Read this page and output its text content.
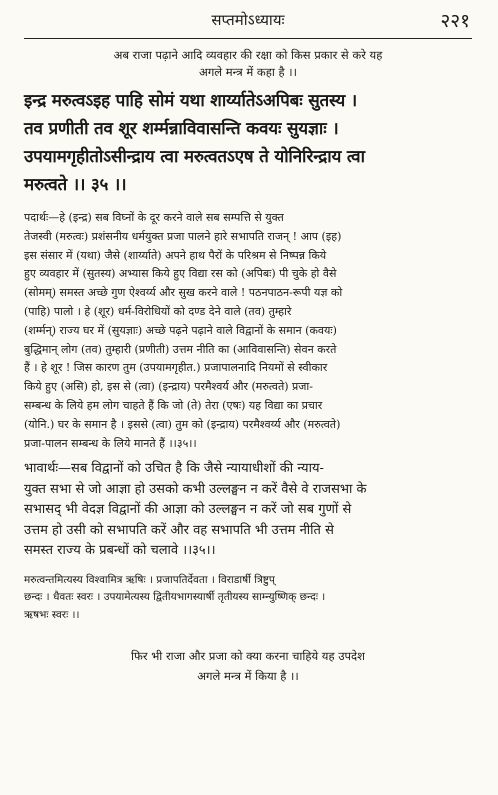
सप्तमोऽध्यायः	२२१
अब राजा पढ़ाने आदि व्यवहार की रक्षा को किस प्रकार से करे यह
अगले मन्त्र में कहा है ।।
इन्द्र मरुत्वऽइह पाहि सोमं यथा शार्य्यातेऽअपिबः सुतस्य ।
तव प्रणीती तव शूर शर्म्मन्नाविवासन्ति कवयः सुयज्ञाः ।
उपयामगृहीतोऽसीन्द्राय त्वा मरुत्वतऽएष ते योनिरिन्द्राय त्वा
मरुत्वते ।। ३५ ।।
पदार्थः—हे (इन्द्र) सब विघ्नों के दूर करने वाले सब सम्पत्ति से युक्त
तेजस्वी (मरुत्वः) प्रशंसनीय धर्मयुक्त प्रजा पालने हारे सभापति राजन् ! आप (इह)
इस संसार में (यथा) जैसे (शार्य्याते) अपने हाथ पैरों के परिश्रम से निष्पन्न किये
हुए व्यवहार में (सुतस्य) अभ्यास किये हुए विद्या रस को (अपिबः) पी चुके हो वैसे
(सोमम्) समस्त अच्छे गुण ऐश्वर्य्य और सुख करने वाले ! पठनपाठन-रूपी यज्ञ को
(पाहि) पालो । हे (शूर) धर्म-विरोधियों को दण्ड देने वाले (तव) तुम्हारे
(शर्म्मन्) राज्य घर में (सुयज्ञाः) अच्छे पढ़ने पढ़ाने वाले विद्वानों के समान (कवयः)
बुद्धिमान् लोग (तव) तुम्हारी (प्रणीती) उत्तम नीति का (आविवासन्ति) सेवन करते
हैं । हे शूर ! जिस कारण तुम (उपयामगृहीत.) प्रजापालनादि नियमों से स्वीकार
किये हुए (असि) हो, इस से (त्वा) (इन्द्राय) परमैश्वर्य और (मरुत्वते) प्रजा-
सम्बन्ध के लिये हम लोग चाहते हैं कि जो (ते) तेरा (एषः) यह विद्या का प्रचार
(योनि.) घर के समान है । इससे (त्वा) तुम को (इन्द्राय) परमैश्वर्य्य और (मरुत्वते)
प्रजा-पालन सम्बन्ध के लिये मानते हैं ।।३५।।
भावार्थः—सब विद्वानों को उचित है कि जैसे न्यायाधीशों की न्याय-
युक्त सभा से जो आज्ञा हो उसको कभी उल्लङ्घन न करें वैसे वे राजसभा के
सभासद् भी वेदज्ञ विद्वानों की आज्ञा को उल्लङ्घन न करें जो सब गुणों से
उत्तम हो उसी को सभापति करें और वह सभापति भी उत्तम नीति से
समस्त राज्य के प्रबन्धों को चलावे ।।३५।।
मरुत्वन्तमित्यस्य विश्वामित्र ऋषिः । प्रजापतिर्देवता । विराडार्षी त्रिष्टुप्
छन्दः । धैवतः स्वरः । उपयामेत्यस्य द्वितीयभागस्यार्षी तृतीयस्य साम्न्युष्णिक् छन्दः ।
ऋषभः स्वरः ।।
फिर भी राजा और प्रजा को क्या करना चाहिये यह उपदेश
अगले मन्त्र में किया है ।।
